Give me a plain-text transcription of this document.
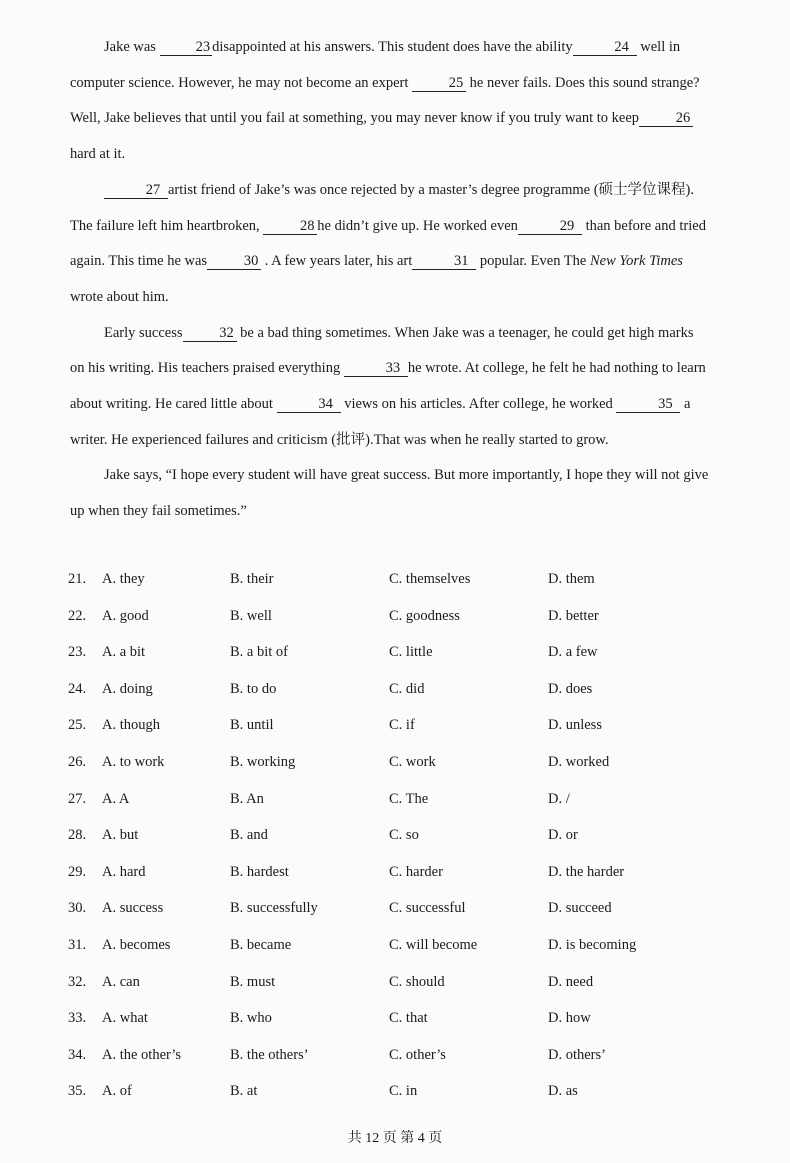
Jake was 23 disappointed at his answers. This student does have the ability	24 well in computer science. However, he may not become an expert	25 he never fails. Does this sound strange? Well, Jake believes that until you fail at something, you may never know if you truly want to keep	26 hard at it.

27 artist friend of Jake’s was once rejected by a master’s degree programme (硕士学位课程). The failure left him heartbroken,	28 he didn’t give up. He worked even	29 than before and tried again. This time he was	30 . A few years later, his art	31 popular. Even The New York Times wrote about him.

Early success	32 be a bad thing sometimes. When Jake was a teenager, he could get high marks on his writing. His teachers praised everything	33 he wrote. At college, he felt he had nothing to learn about writing. He cared little about	34 views on his articles. After college, he worked	35 a writer. He experienced failures and criticism (批评).That was when he really started to grow.

Jake says, “I hope every student will have great success. But more importantly, I hope they will not give up when they fail sometimes.”

21. A. they	B. their	C. themselves	D. them
22. A. good	B. well	C. goodness	D. better
23. A. a bit	B. a bit of	C. little	D. a few
24. A. doing	B. to do	C. did	D. does
25. A. though	B. until	C. if	D. unless
26. A. to work	B. working	C. work	D. worked
27. A. A	B. An	C. The	D. /
28. A. but	B. and	C. so	D. or
29. A. hard	B. hardest	C. harder	D. the harder
30. A. success	B. successfully	C. successful	D. succeed
31. A. becomes	B. became	C. will become	D. is becoming
32. A. can	B. must	C. should	D. need
33. A. what	B. who	C. that	D. how
34. A. the other’s	B. the others’	C. other’s	D. others’
35. A. of	B. at	C. in	D. as
共 12 页 第 4 页
